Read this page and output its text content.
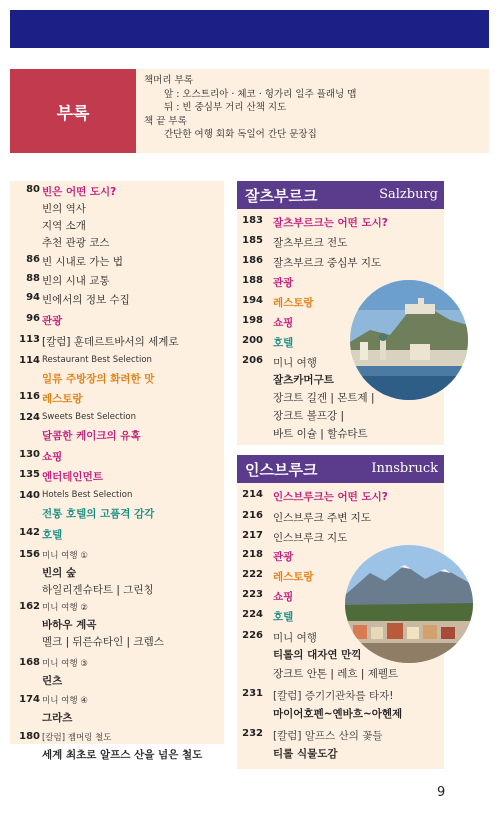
부록
책머리 부록
앞 : 오스트리아 · 체코 · 헝가리 일주 플래닝 맵
뒤 : 빈 중심부 거리 산책 지도
책 끝 부록
간단한 여행 회화 독일어 간단 문장집
80 빈은 어떤 도시?
빈의 역사
지역 소개
추천 관광 코스
86 빈 시내로 가는 법
88 빈의 시내 교통
94 빈에서의 정보 수집
96 관광
113 [칼럼] 훈데르트바서의 세계로
114 Restaurant Best Selection
일류 주방장의 화려한 맛
116 레스토랑
124 Sweets Best Selection
달콤한 케이크의 유혹
130 쇼핑
135 엔터테인먼트
140 Hotels Best Selection
전통 호텔의 고품격 감각
142 호텔
156 미니 여행 ①
빈의 숲
하일리겐슈타트 | 그린칭
162 미니 여행 ②
바하우 계곡
멜크 | 뒤른슈타인 | 크렘스
168 미니 여행 ③
린츠
174 미니 여행 ④
그라츠
180 [칼럼] 젬머링 철도
세계 최초로 알프스 산을 넘은 철도
잘츠부르크	Salzburg
183 잘츠부르크는 어떤 도시?
185 잘츠부르크 전도
186 잘츠부르크 중심부 지도
188 관광
194 레스토랑
198 쇼핑
200 호텔
206 미니 여행
잘츠카머구트
장크트 길겐 | 몬트제 |
장크트 볼프강 |
바트 이슐 | 할슈타트
인스브루크	Innsbruck
214 인스브루크는 어떤 도시?
216 인스브루크 주변 지도
217 인스브루크 지도
218 관광
222 레스토랑
223 쇼핑
224 호텔
226 미니 여행
티롤의 대자연 만끽
장크트 안톤 | 레흐 | 제펠트
231 [칼럼] 증기기관차를 타자!
마이어호펜~옌바흐~아헨제
232 [칼럼] 알프스 산의 꽃들
티롤 식물도감
9
